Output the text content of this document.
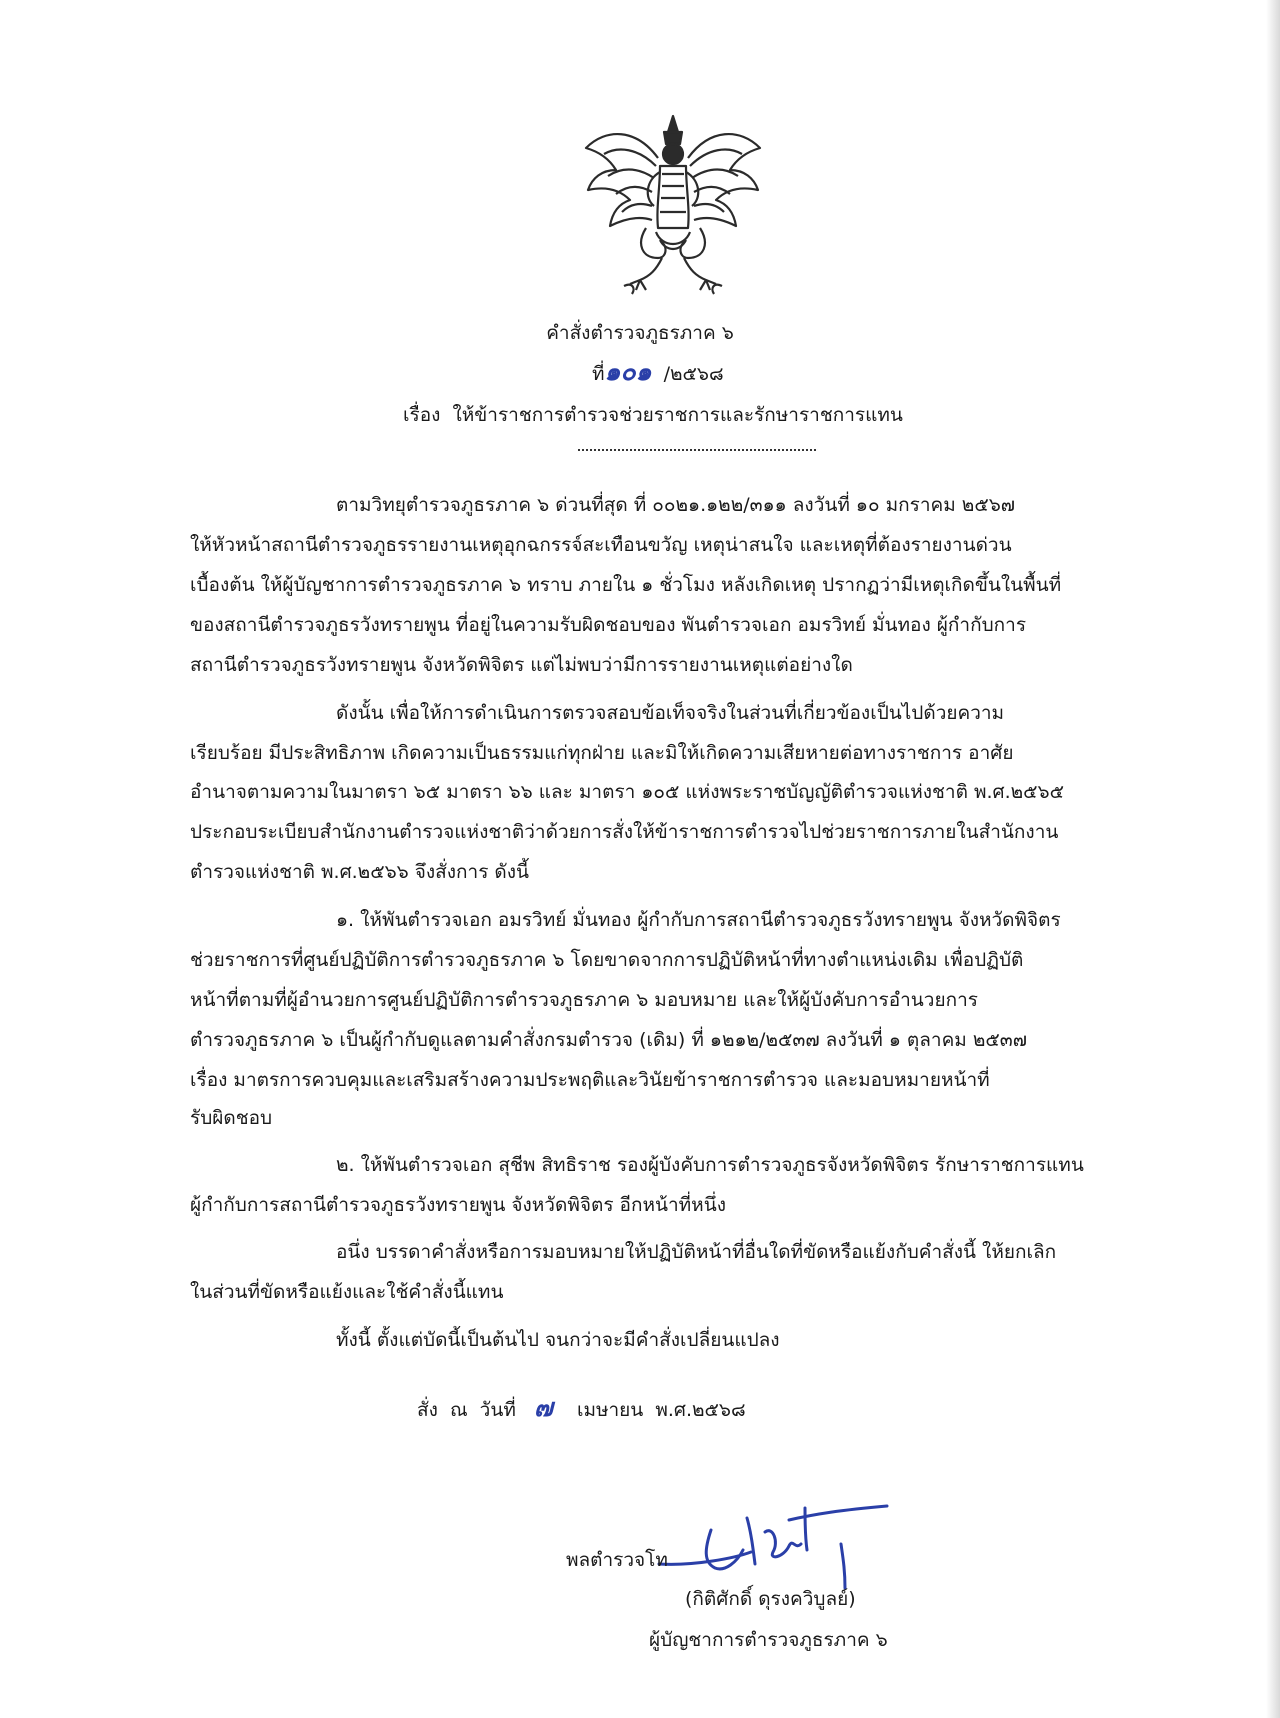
คำสั่งตำรวจภูธรภาค ๖
ที่๑๐๑ /๒๕๖๘
เรื่อง ให้ข้าราชการตำรวจช่วยราชการและรักษาราชการแทน
ตามวิทยุตำรวจภูธรภาค ๖ ด่วนที่สุด ที่ ๐๐๒๑.๑๒๒/๓๑๑ ลงวันที่ ๑๐ มกราคม ๒๕๖๗
ให้หัวหน้าสถานีตำรวจภูธรรายงานเหตุอุกฉกรรจ์สะเทือนขวัญ เหตุน่าสนใจ และเหตุที่ต้องรายงานด่วน
เบื้องต้น ให้ผู้บัญชาการตำรวจภูธรภาค ๖ ทราบ ภายใน ๑ ชั่วโมง หลังเกิดเหตุ ปรากฏว่ามีเหตุเกิดขึ้นในพื้นที่
ของสถานีตำรวจภูธรวังทรายพูน ที่อยู่ในความรับผิดชอบของ พันตำรวจเอก อมรวิทย์ มั่นทอง ผู้กำกับการ
สถานีตำรวจภูธรวังทรายพูน จังหวัดพิจิตร แต่ไม่พบว่ามีการรายงานเหตุแต่อย่างใด
ดังนั้น เพื่อให้การดำเนินการตรวจสอบข้อเท็จจริงในส่วนที่เกี่ยวข้องเป็นไปด้วยความ
เรียบร้อย มีประสิทธิภาพ เกิดความเป็นธรรมแก่ทุกฝ่าย และมิให้เกิดความเสียหายต่อทางราชการ อาศัย
อำนาจตามความในมาตรา ๖๕ มาตรา ๖๖ และ มาตรา ๑๐๕ แห่งพระราชบัญญัติตำรวจแห่งชาติ พ.ศ.๒๕๖๕
ประกอบระเบียบสำนักงานตำรวจแห่งชาติว่าด้วยการสั่งให้ข้าราชการตำรวจไปช่วยราชการภายในสำนักงาน
ตำรวจแห่งชาติ พ.ศ.๒๕๖๖ จึงสั่งการ ดังนี้
๑. ให้พันตำรวจเอก อมรวิทย์ มั่นทอง ผู้กำกับการสถานีตำรวจภูธรวังทรายพูน จังหวัดพิจิตร
ช่วยราชการที่ศูนย์ปฏิบัติการตำรวจภูธรภาค ๖ โดยขาดจากการปฏิบัติหน้าที่ทางตำแหน่งเดิม เพื่อปฏิบัติ
หน้าที่ตามที่ผู้อำนวยการศูนย์ปฏิบัติการตำรวจภูธรภาค ๖ มอบหมาย และให้ผู้บังคับการอำนวยการ
ตำรวจภูธรภาค ๖ เป็นผู้กำกับดูแลตามคำสั่งกรมตำรวจ (เดิม) ที่ ๑๒๑๒/๒๕๓๗ ลงวันที่ ๑ ตุลาคม ๒๕๓๗
เรื่อง มาตรการควบคุมและเสริมสร้างความประพฤติและวินัยข้าราชการตำรวจ และมอบหมายหน้าที่
รับผิดชอบ
๒. ให้พันตำรวจเอก สุชีพ สิทธิราช รองผู้บังคับการตำรวจภูธรจังหวัดพิจิตร รักษาราชการแทน
ผู้กำกับการสถานีตำรวจภูธรวังทรายพูน จังหวัดพิจิตร อีกหน้าที่หนึ่ง
อนึ่ง บรรดาคำสั่งหรือการมอบหมายให้ปฏิบัติหน้าที่อื่นใดที่ขัดหรือแย้งกับคำสั่งนี้ ให้ยกเลิก
ในส่วนที่ขัดหรือแย้งและใช้คำสั่งนี้แทน
ทั้งนี้ ตั้งแต่บัดนี้เป็นต้นไป จนกว่าจะมีคำสั่งเปลี่ยนแปลง
สั่ง  ณ  วันที่ ๗ เมษายน  พ.ศ.๒๕๖๘
พลตำรวจโท
(กิติศักดิ์ ดุรงควิบูลย์)
ผู้บัญชาการตำรวจภูธรภาค ๖
